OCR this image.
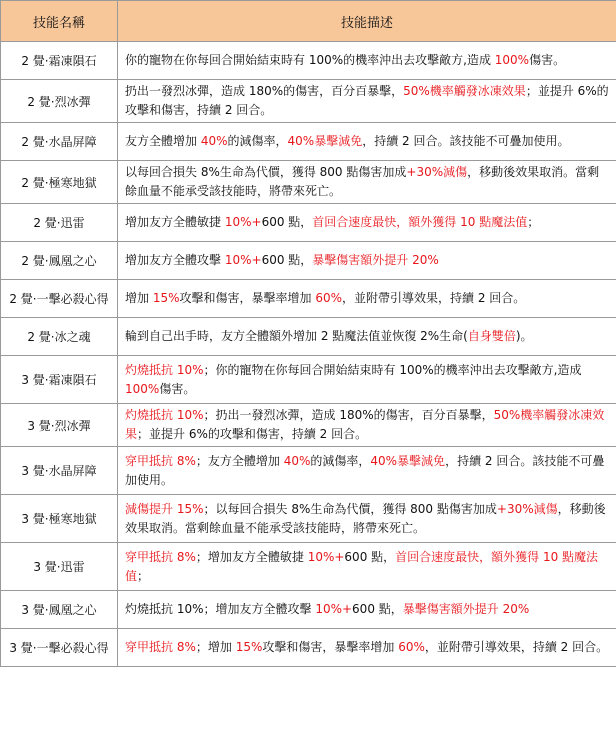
技能名稱	技能描述
2 覺·霜凍隕石	你的寵物在你每回合開始結束時有 100%的機率沖出去攻擊敵方,造成 100%傷害。
2 覺·烈冰彈	扔出一發烈冰彈，造成 180%的傷害，百分百暴擊，50%機率觸發冰凍效果；並提升 6%的攻擊和傷害，持續 2 回合。
2 覺·水晶屏障	友方全體增加 40%的減傷率，40%暴擊減免，持續 2 回合。該技能不可疊加使用。
2 覺·極寒地獄	以每回合損失 8%生命為代價，獲得 800 點傷害加成+30%減傷，移動後效果取消。當剩餘血量不能承受該技能時，將帶來死亡。
2 覺·迅雷	增加友方全體敏捷 10%+600 點，首回合速度最快，額外獲得 10 點魔法值；
2 覺·鳳凰之心	增加友方全體攻擊 10%+600 點，暴擊傷害額外提升 20%
2 覺·一擊必殺心得	增加 15%攻擊和傷害，暴擊率增加 60%，並附帶引導效果，持續 2 回合。
2 覺·冰之魂	輪到自己出手時，友方全體額外增加 2 點魔法值並恢復 2%生命(自身雙倍)。
3 覺·霜凍隕石	灼燒抵抗 10%；你的寵物在你每回合開始結束時有 100%的機率沖出去攻擊敵方,造成 100%傷害。
3 覺·烈冰彈	灼燒抵抗 10%；扔出一發烈冰彈，造成 180%的傷害，百分百暴擊，50%機率觸發冰凍效果；並提升 6%的攻擊和傷害，持續 2 回合。
3 覺·水晶屏障	穿甲抵抗 8%；友方全體增加 40%的減傷率，40%暴擊減免，持續 2 回合。該技能不可疊加使用。
3 覺·極寒地獄	減傷提升 15%；以每回合損失 8%生命為代價，獲得 800 點傷害加成+30%減傷，移動後效果取消。當剩餘血量不能承受該技能時，將帶來死亡。
3 覺·迅雷	穿甲抵抗 8%；增加友方全體敏捷 10%+600 點，首回合速度最快，額外獲得 10 點魔法值；
3 覺·鳳凰之心	灼燒抵抗 10%；增加友方全體攻擊 10%+600 點，暴擊傷害額外提升 20%
3 覺·一擊必殺心得	穿甲抵抗 8%；增加 15%攻擊和傷害，暴擊率增加 60%，並附帶引導效果，持續 2 回合。
